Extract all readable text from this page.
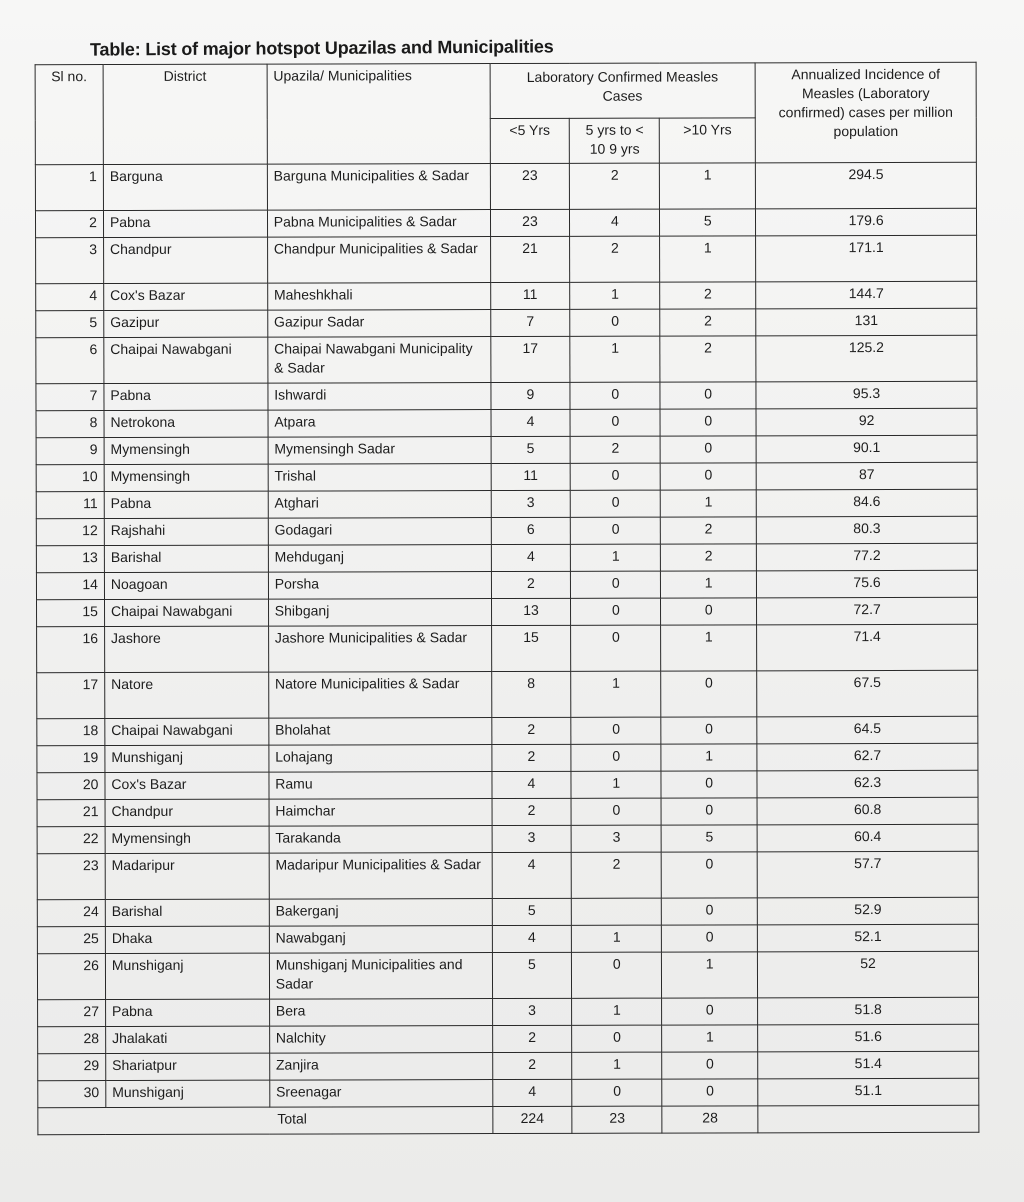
Table: List of major hotspot Upazilas and Municipalities
Sl no.	District	Upazila/ Municipalities	Laboratory Confirmed Measles Cases			Annualized Incidence of Measles (Laboratory confirmed) cases per million population
			<5 Yrs	5 yrs to < 10 9 yrs	>10 Yrs	
1	Barguna	Barguna Municipalities & Sadar	23	2	1	294.5
2	Pabna	Pabna Municipalities & Sadar	23	4	5	179.6
3	Chandpur	Chandpur Municipalities & Sadar	21	2	1	171.1
4	Cox's Bazar	Maheshkhali	11	1	2	144.7
5	Gazipur	Gazipur Sadar	7	0	2	131
6	Chaipai Nawabgani	Chaipai Nawabgani Municipality & Sadar	17	1	2	125.2
7	Pabna	Ishwardi	9	0	0	95.3
8	Netrokona	Atpara	4	0	0	92
9	Mymensingh	Mymensingh Sadar	5	2	0	90.1
10	Mymensingh	Trishal	11	0	0	87
11	Pabna	Atghari	3	0	1	84.6
12	Rajshahi	Godagari	6	0	2	80.3
13	Barishal	Mehduganj	4	1	2	77.2
14	Noagoan	Porsha	2	0	1	75.6
15	Chaipai Nawabgani	Shibganj	13	0	0	72.7
16	Jashore	Jashore Municipalities & Sadar	15	0	1	71.4
17	Natore	Natore Municipalities & Sadar	8	1	0	67.5
18	Chaipai Nawabgani	Bholahat	2	0	0	64.5
19	Munshiganj	Lohajang	2	0	1	62.7
20	Cox's Bazar	Ramu	4	1	0	62.3
21	Chandpur	Haimchar	2	0	0	60.8
22	Mymensingh	Tarakanda	3	3	5	60.4
23	Madaripur	Madaripur Municipalities & Sadar	4	2	0	57.7
24	Barishal	Bakerganj	5		0	52.9
25	Dhaka	Nawabganj	4	1	0	52.1
26	Munshiganj	Munshiganj Municipalities and Sadar	5	0	1	52
27	Pabna	Bera	3	1	0	51.8
28	Jhalakati	Nalchity	2	0	1	51.6
29	Shariatpur	Zanjira	2	1	0	51.4
30	Munshiganj	Sreenagar	4	0	0	51.1
Total			224	23	28	
